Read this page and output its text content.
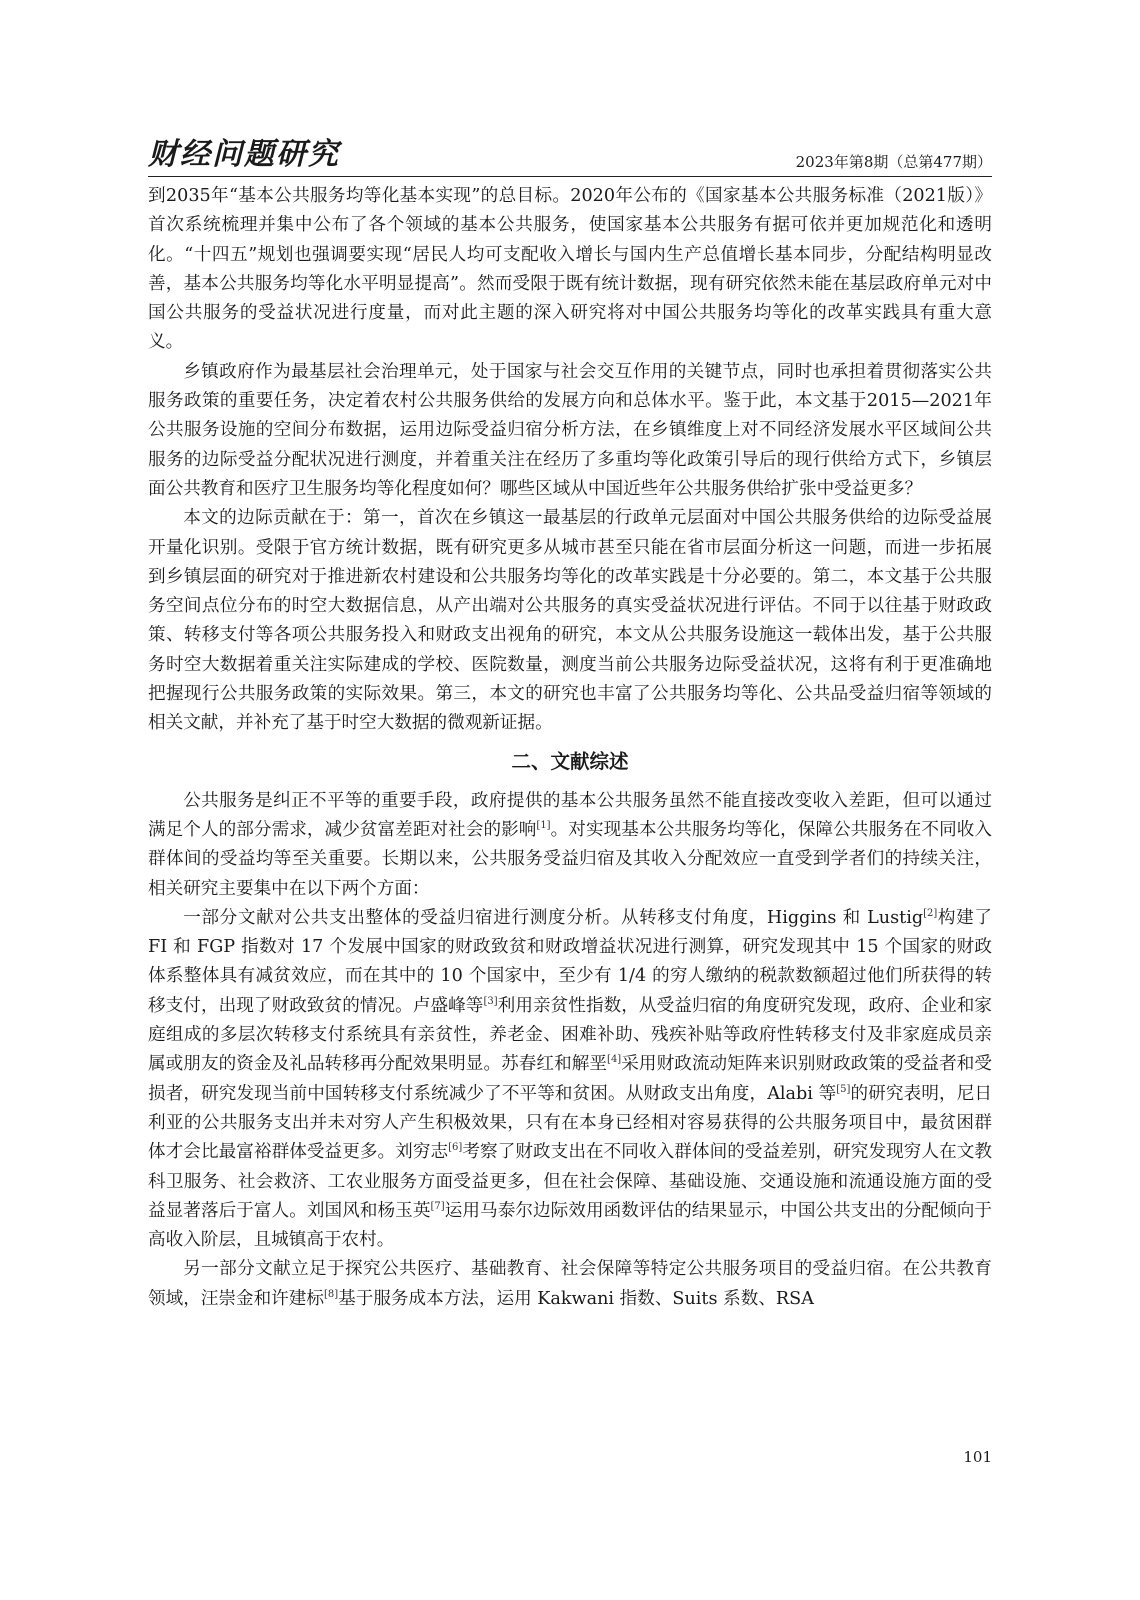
财经问题研究	2023年第8期（总第477期）

到2035年“基本公共服务均等化基本实现”的总目标。2020年公布的《国家基本公共服务标准（2021版）》首次系统梳理并集中公布了各个领域的基本公共服务，使国家基本公共服务有据可依并更加规范化和透明化。“十四五”规划也强调要实现“居民人均可支配收入增长与国内生产总值增长基本同步，分配结构明显改善，基本公共服务均等化水平明显提高”。然而受限于既有统计数据，现有研究依然未能在基层政府单元对中国公共服务的受益状况进行度量，而对此主题的深入研究将对中国公共服务均等化的改革实践具有重大意义。

乡镇政府作为最基层社会治理单元，处于国家与社会交互作用的关键节点，同时也承担着贯彻落实公共服务政策的重要任务，决定着农村公共服务供给的发展方向和总体水平。鉴于此，本文基于2015—2021年公共服务设施的空间分布数据，运用边际受益归宿分析方法，在乡镇维度上对不同经济发展水平区域间公共服务的边际受益分配状况进行测度，并着重关注在经历了多重均等化政策引导后的现行供给方式下，乡镇层面公共教育和医疗卫生服务均等化程度如何？哪些区域从中国近些年公共服务供给扩张中受益更多？

本文的边际贡献在于：第一，首次在乡镇这一最基层的行政单元层面对中国公共服务供给的边际受益展开量化识别。受限于官方统计数据，既有研究更多从城市甚至只能在省市层面分析这一问题，而进一步拓展到乡镇层面的研究对于推进新农村建设和公共服务均等化的改革实践是十分必要的。第二，本文基于公共服务空间点位分布的时空大数据信息，从产出端对公共服务的真实受益状况进行评估。不同于以往基于财政政策、转移支付等各项公共服务投入和财政支出视角的研究，本文从公共服务设施这一载体出发，基于公共服务时空大数据着重关注实际建成的学校、医院数量，测度当前公共服务边际受益状况，这将有利于更准确地把握现行公共服务政策的实际效果。第三，本文的研究也丰富了公共服务均等化、公共品受益归宿等领域的相关文献，并补充了基于时空大数据的微观新证据。

二、文献综述

公共服务是纠正不平等的重要手段，政府提供的基本公共服务虽然不能直接改变收入差距，但可以通过满足个人的部分需求，减少贫富差距对社会的影响[1]。对实现基本公共服务均等化，保障公共服务在不同收入群体间的受益均等至关重要。长期以来，公共服务受益归宿及其收入分配效应一直受到学者们的持续关注，相关研究主要集中在以下两个方面：

一部分文献对公共支出整体的受益归宿进行测度分析。从转移支付角度，Higgins 和 Lustig[2]构建了 FI 和 FGP 指数对 17 个发展中国家的财政致贫和财政增益状况进行测算，研究发现其中 15 个国家的财政体系整体具有减贫效应，而在其中的 10 个国家中，至少有 1/4 的穷人缴纳的税款数额超过他们所获得的转移支付，出现了财政致贫的情况。卢盛峰等[3]利用亲贫性指数，从受益归宿的角度研究发现，政府、企业和家庭组成的多层次转移支付系统具有亲贫性，养老金、困难补助、残疾补贴等政府性转移支付及非家庭成员亲属或朋友的资金及礼品转移再分配效果明显。苏春红和解垩[4]采用财政流动矩阵来识别财政政策的受益者和受损者，研究发现当前中国转移支付系统减少了不平等和贫困。从财政支出角度，Alabi 等[5]的研究表明，尼日利亚的公共服务支出并未对穷人产生积极效果，只有在本身已经相对容易获得的公共服务项目中，最贫困群体才会比最富裕群体受益更多。刘穷志[6]考察了财政支出在不同收入群体间的受益差别，研究发现穷人在文教科卫服务、社会救济、工农业服务方面受益更多，但在社会保障、基础设施、交通设施和流通设施方面的受益显著落后于富人。刘国风和杨玉英[7]运用马泰尔边际效用函数评估的结果显示，中国公共支出的分配倾向于高收入阶层，且城镇高于农村。

另一部分文献立足于探究公共医疗、基础教育、社会保障等特定公共服务项目的受益归宿。在公共教育领域，汪崇金和许建标[8]基于服务成本方法，运用 Kakwani 指数、Suits 系数、RSA

101
